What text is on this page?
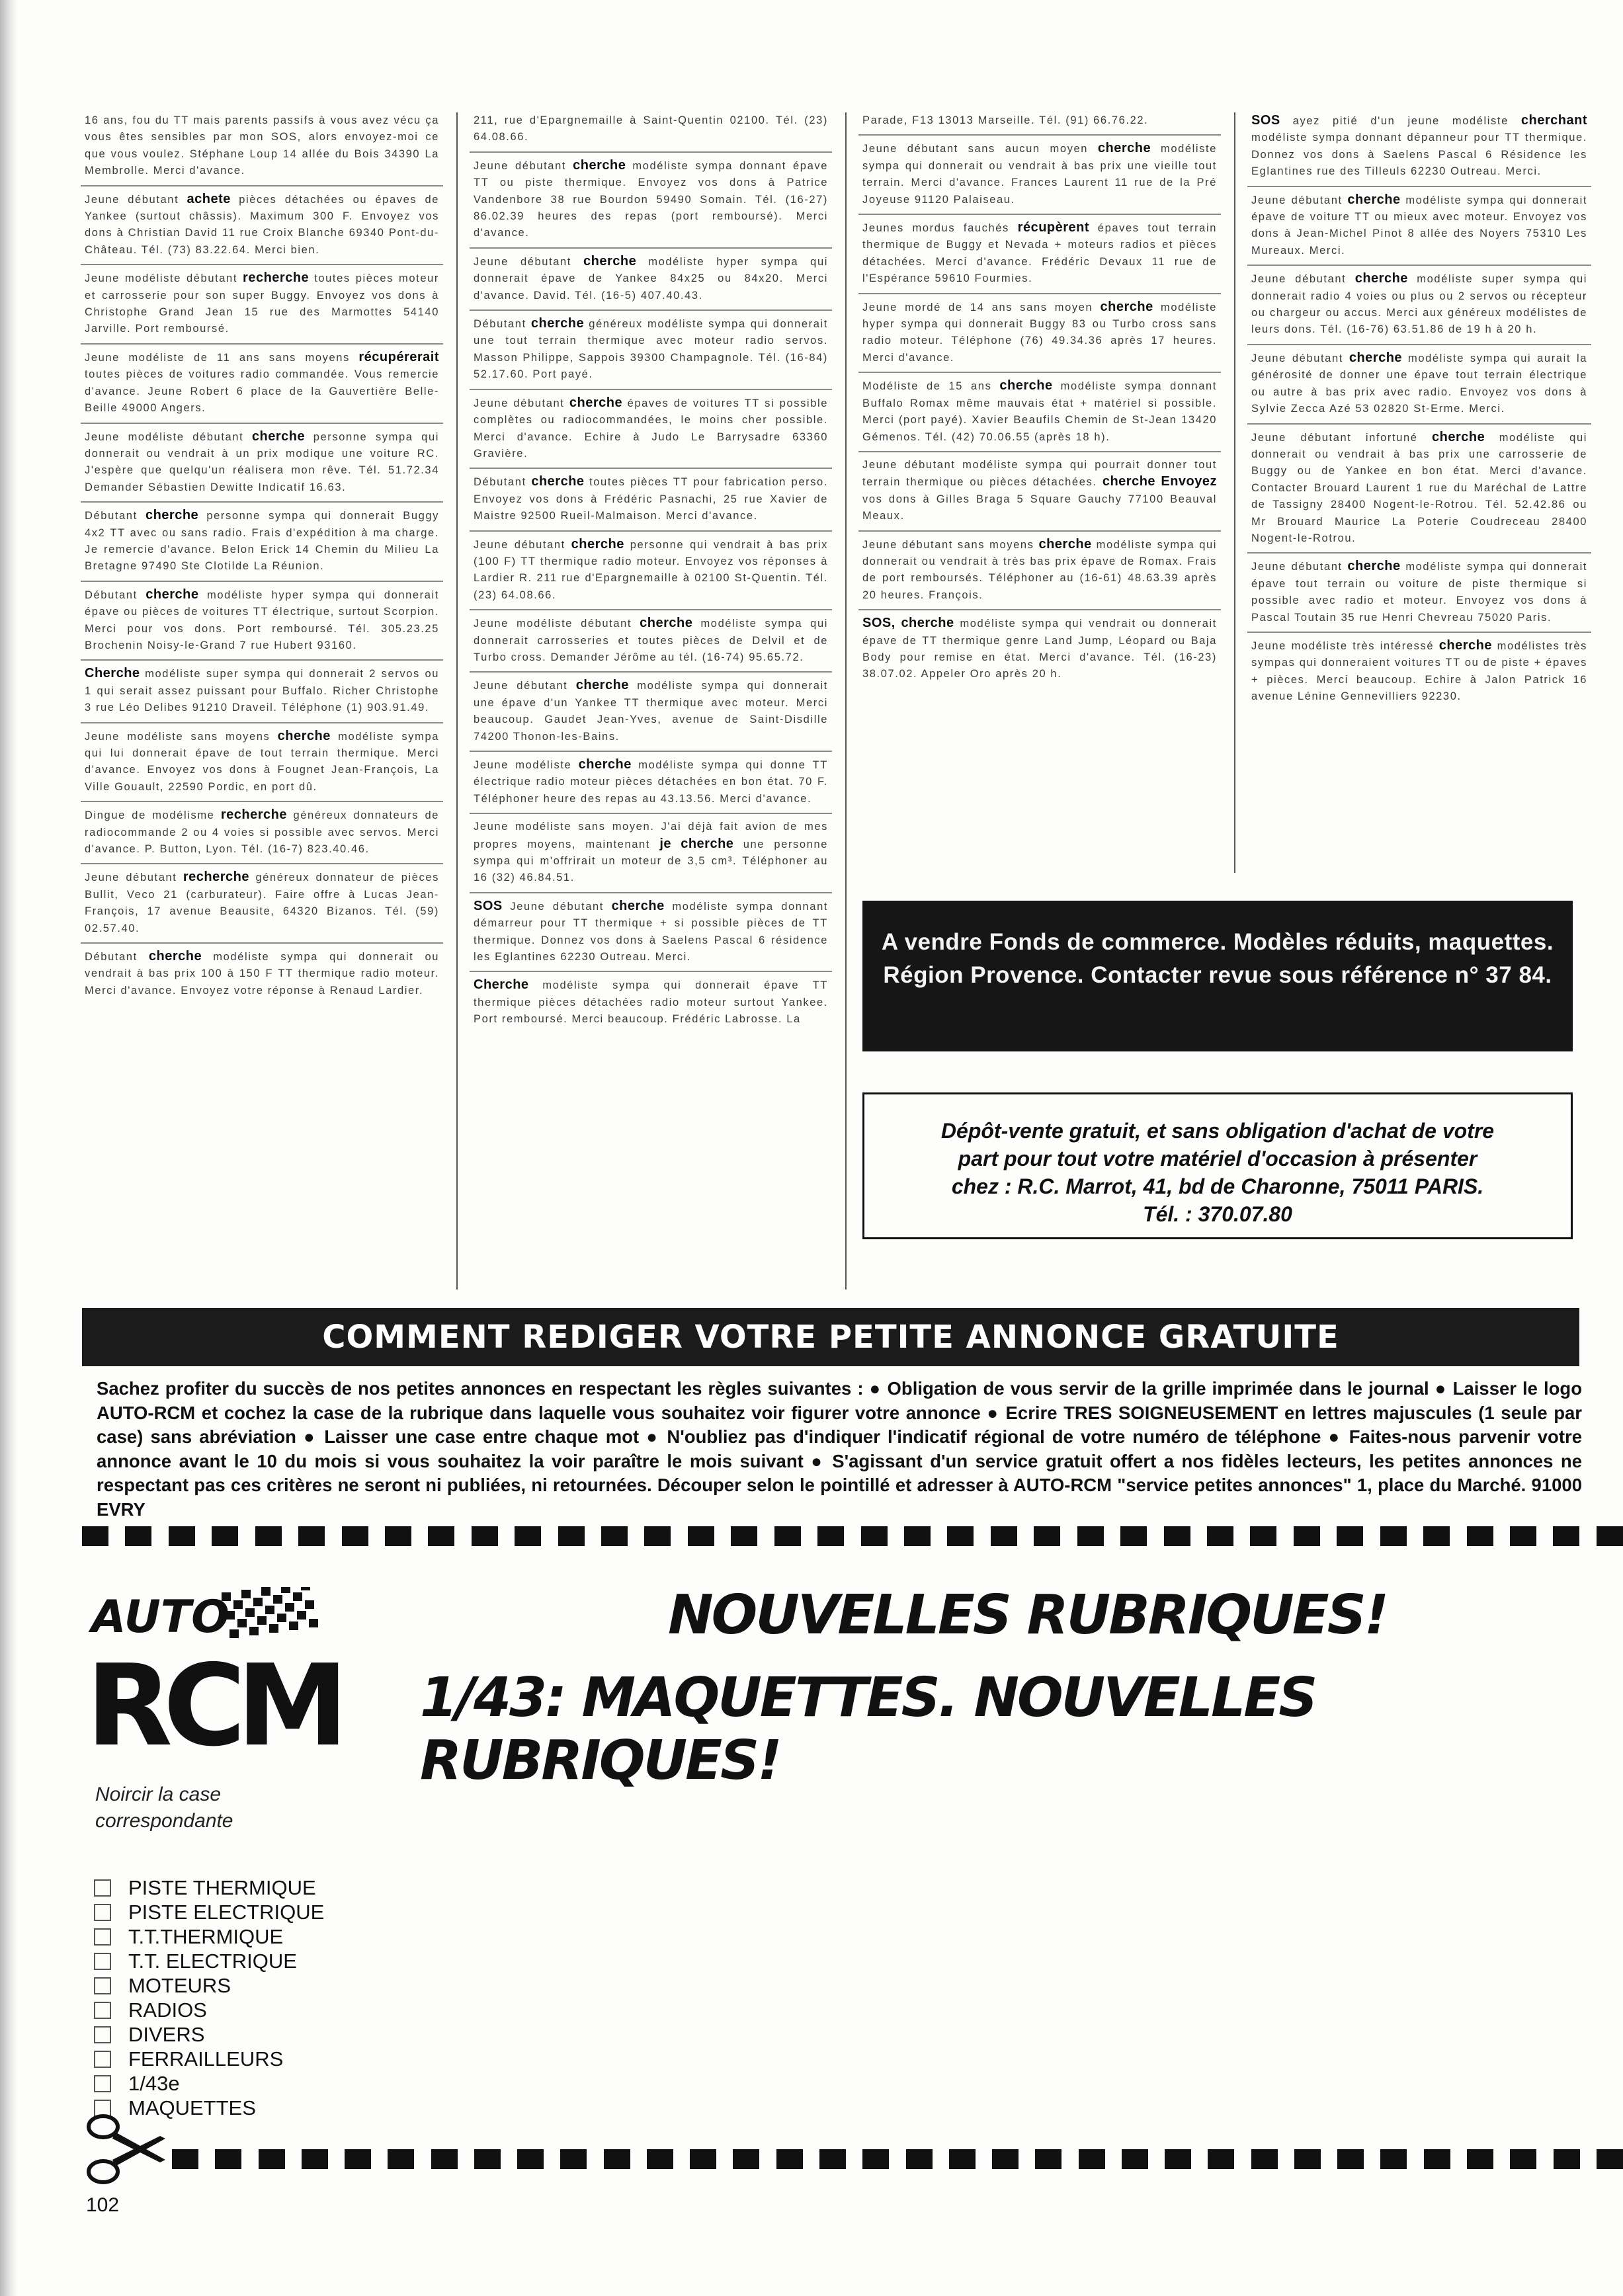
16 ans, fou du TT mais parents passifs à vous avez vécu ça vous êtes sensibles par mon SOS, alors envoyez-moi ce que vous voulez. Stéphane Loup 14 allée du Bois 34390 La Membrolle. Merci d'avance.
Jeune débutant achete pièces détachées ou épaves de Yankee (surtout châssis). Maximum 300 F. Envoyez vos dons à Christian David 11 rue Croix Blanche 69340 Pont-du-Château. Tél. (73) 83.22.64. Merci bien.
Jeune modéliste débutant recherche toutes pièces moteur et carrosserie pour son super Buggy. Envoyez vos dons à Christophe Grand Jean 15 rue des Marmottes 54140 Jarville. Port remboursé.
Jeune modéliste de 11 ans sans moyens récupérerait toutes pièces de voitures radio commandée. Vous remercie d'avance. Jeune Robert 6 place de la Gauvertière Belle-Beille 49000 Angers.
Jeune modéliste débutant cherche personne sympa qui donnerait ou vendrait à un prix modique une voiture RC. J'espère que quelqu'un réalisera mon rêve. Tél. 51.72.34 Demander Sébastien Dewitte Indicatif 16.63.
Débutant cherche personne sympa qui donnerait Buggy 4x2 TT avec ou sans radio. Frais d'expédition à ma charge. Je remercie d'avance. Belon Erick 14 Chemin du Milieu La Bretagne 97490 Ste Clotilde La Réunion.
Débutant cherche modéliste hyper sympa qui donnerait épave ou pièces de voitures TT électrique, surtout Scorpion. Merci pour vos dons. Port remboursé. Tél. 305.23.25 Brochenin Noisy-le-Grand 7 rue Hubert 93160.
Cherche modéliste super sympa qui donnerait 2 servos ou 1 qui serait assez puissant pour Buffalo. Richer Christophe 3 rue Léo Delibes 91210 Draveil. Téléphone (1) 903.91.49.
Jeune modéliste sans moyens cherche modéliste sympa qui lui donnerait épave de tout terrain thermique. Merci d'avance. Envoyez vos dons à Fougnet Jean-François, La Ville Gouault, 22590 Pordic, en port dû.
Dingue de modélisme recherche généreux donnateurs de radiocommande 2 ou 4 voies si possible avec servos. Merci d'avance. P. Button, Lyon. Tél. (16-7) 823.40.46.
Jeune débutant recherche généreux donnateur de pièces Bullit, Veco 21 (carburateur). Faire offre à Lucas Jean-François, 17 avenue Beausite, 64320 Bizanos. Tél. (59) 02.57.40.
Débutant cherche modéliste sympa qui donnerait ou vendrait à bas prix 100 à 150 F TT thermique radio moteur. Merci d'avance. Envoyez votre réponse à Renaud Lardier.
211, rue d'Epargnemaille à Saint-Quentin 02100. Tél. (23) 64.08.66.
Jeune débutant cherche modéliste sympa donnant épave TT ou piste thermique. Envoyez vos dons à Patrice Vandenbore 38 rue Bourdon 59490 Somain. Tél. (16-27) 86.02.39 heures des repas (port remboursé). Merci d'avance.
Jeune débutant cherche modéliste hyper sympa qui donnerait épave de Yankee 84x25 ou 84x20. Merci d'avance. David. Tél. (16-5) 407.40.43.
Débutant cherche généreux modéliste sympa qui donnerait une tout terrain thermique avec moteur radio servos. Masson Philippe, Sappois 39300 Champagnole. Tél. (16-84) 52.17.60. Port payé.
Jeune débutant cherche épaves de voitures TT si possible complètes ou radiocommandées, le moins cher possible. Merci d'avance. Echire à Judo Le Barrysadre 63360 Gravière.
Débutant cherche toutes pièces TT pour fabrication perso. Envoyez vos dons à Frédéric Pasnachi, 25 rue Xavier de Maistre 92500 Rueil-Malmaison. Merci d'avance.
Jeune débutant cherche personne qui vendrait à bas prix (100 F) TT thermique radio moteur. Envoyez vos réponses à Lardier R. 211 rue d'Epargnemaille à 02100 St-Quentin. Tél. (23) 64.08.66.
Jeune modéliste débutant cherche modéliste sympa qui donnerait carrosseries et toutes pièces de Delvil et de Turbo cross. Demander Jérôme au tél. (16-74) 95.65.72.
Jeune débutant cherche modéliste sympa qui donnerait une épave d'un Yankee TT thermique avec moteur. Merci beaucoup. Gaudet Jean-Yves, avenue de Saint-Disdille 74200 Thonon-les-Bains.
Jeune modéliste cherche modéliste sympa qui donne TT électrique radio moteur pièces détachées en bon état. 70 F. Téléphoner heure des repas au 43.13.56. Merci d'avance.
Jeune modéliste sans moyen. J'ai déjà fait avion de mes propres moyens, maintenant je cherche une personne sympa qui m'offrirait un moteur de 3,5 cm³. Téléphoner au 16 (32) 46.84.51.
SOS Jeune débutant cherche modéliste sympa donnant démarreur pour TT thermique + si possible pièces de TT thermique. Donnez vos dons à Saelens Pascal 6 résidence les Eglantines 62230 Outreau. Merci.
Cherche modéliste sympa qui donnerait épave TT thermique pièces détachées radio moteur surtout Yankee. Port remboursé. Merci beaucoup. Frédéric Labrosse. La
Parade, F13 13013 Marseille. Tél. (91) 66.76.22.
Jeune débutant sans aucun moyen cherche modéliste sympa qui donnerait ou vendrait à bas prix une vieille tout terrain. Merci d'avance. Frances Laurent 11 rue de la Pré Joyeuse 91120 Palaiseau.
Jeunes mordus fauchés récupèrent épaves tout terrain thermique de Buggy et Nevada + moteurs radios et pièces détachées. Merci d'avance. Frédéric Devaux 11 rue de l'Espérance 59610 Fourmies.
Jeune mordé de 14 ans sans moyen cherche modéliste hyper sympa qui donnerait Buggy 83 ou Turbo cross sans radio moteur. Téléphone (76) 49.34.36 après 17 heures. Merci d'avance.
Modéliste de 15 ans cherche modéliste sympa donnant Buffalo Romax même mauvais état + matériel si possible. Merci (port payé). Xavier Beaufils Chemin de St-Jean 13420 Gémenos. Tél. (42) 70.06.55 (après 18 h).
Jeune débutant modéliste sympa qui pourrait donner tout terrain thermique ou pièces détachées. cherche Envoyez vos dons à Gilles Braga 5 Square Gauchy 77100 Beauval Meaux.
Jeune débutant sans moyens cherche modéliste sympa qui donnerait ou vendrait à très bas prix épave de Romax. Frais de port remboursés. Téléphoner au (16-61) 48.63.39 après 20 heures. François.
SOS, cherche modéliste sympa qui vendrait ou donnerait épave de TT thermique genre Land Jump, Léopard ou Baja Body pour remise en état. Merci d'avance. Tél. (16-23) 38.07.02. Appeler Oro après 20 h.
SOS ayez pitié d'un jeune modéliste cherchant modéliste sympa donnant dépanneur pour TT thermique. Donnez vos dons à Saelens Pascal 6 Résidence les Eglantines rue des Tilleuls 62230 Outreau. Merci.
Jeune débutant cherche modéliste sympa qui donnerait épave de voiture TT ou mieux avec moteur. Envoyez vos dons à Jean-Michel Pinot 8 allée des Noyers 75310 Les Mureaux. Merci.
Jeune débutant cherche modéliste super sympa qui donnerait radio 4 voies ou plus ou 2 servos ou récepteur ou chargeur ou accus. Merci aux généreux modélistes de leurs dons. Tél. (16-76) 63.51.86 de 19 h à 20 h.
Jeune débutant cherche modéliste sympa qui aurait la générosité de donner une épave tout terrain électrique ou autre à bas prix avec radio. Envoyez vos dons à Sylvie Zecca Azé 53 02820 St-Erme. Merci.
Jeune débutant infortuné cherche modéliste qui donnerait ou vendrait à bas prix une carrosserie de Buggy ou de Yankee en bon état. Merci d'avance. Contacter Brouard Laurent 1 rue du Maréchal de Lattre de Tassigny 28400 Nogent-le-Rotrou. Tél. 52.42.86 ou Mr Brouard Maurice La Poterie Coudreceau 28400 Nogent-le-Rotrou.
Jeune débutant cherche modéliste sympa qui donnerait épave tout terrain ou voiture de piste thermique si possible avec radio et moteur. Envoyez vos dons à Pascal Toutain 35 rue Henri Chevreau 75020 Paris.
Jeune modéliste très intéressé cherche modélistes très sympas qui donneraient voitures TT ou de piste + épaves + pièces. Merci beaucoup. Echire à Jalon Patrick 16 avenue Lénine Gennevilliers 92230.
A vendre Fonds de commerce. Modèles réduits, maquettes. Région Provence. Contacter revue sous référence n° 37 84.
Dépôt-vente gratuit, et sans obligation d'achat de votre
part pour tout votre matériel d'occasion à présenter
chez : R.C. Marrot, 41, bd de Charonne, 75011 PARIS.
Tél. : 370.07.80
COMMENT REDIGER VOTRE PETITE ANNONCE GRATUITE
Sachez profiter du succès de nos petites annonces en respectant les règles suivantes : ● Obligation de vous servir de la grille imprimée dans le journal ● Laisser le logo AUTO-RCM et cochez la case de la rubrique dans laquelle vous souhaitez voir figurer votre annonce ● Ecrire TRES SOIGNEUSEMENT en lettres majuscules (1 seule par case) sans abréviation ● Laisser une case entre chaque mot ● N'oubliez pas d'indiquer l'indicatif régional de votre numéro de téléphone ● Faites-nous parvenir votre annonce avant le 10 du mois si vous souhaitez la voir paraître le mois suivant ● S'agissant d'un service gratuit offert a nos fidèles lecteurs, les petites annonces ne respectant pas ces critères ne seront ni publiées, ni retournées. Découper selon le pointillé et adresser à AUTO-RCM "service petites annonces" 1, place du Marché. 91000 EVRY
AUTO
RCM
NOUVELLES RUBRIQUES!
1/43: MAQUETTES. NOUVELLES RUBRIQUES!
Noircir la case
correspondante
PISTE THERMIQUE
PISTE ELECTRIQUE
T.T.THERMIQUE
T.T. ELECTRIQUE
MOTEURS
RADIOS
DIVERS
FERRAILLEURS
1/43e
MAQUETTES
102
